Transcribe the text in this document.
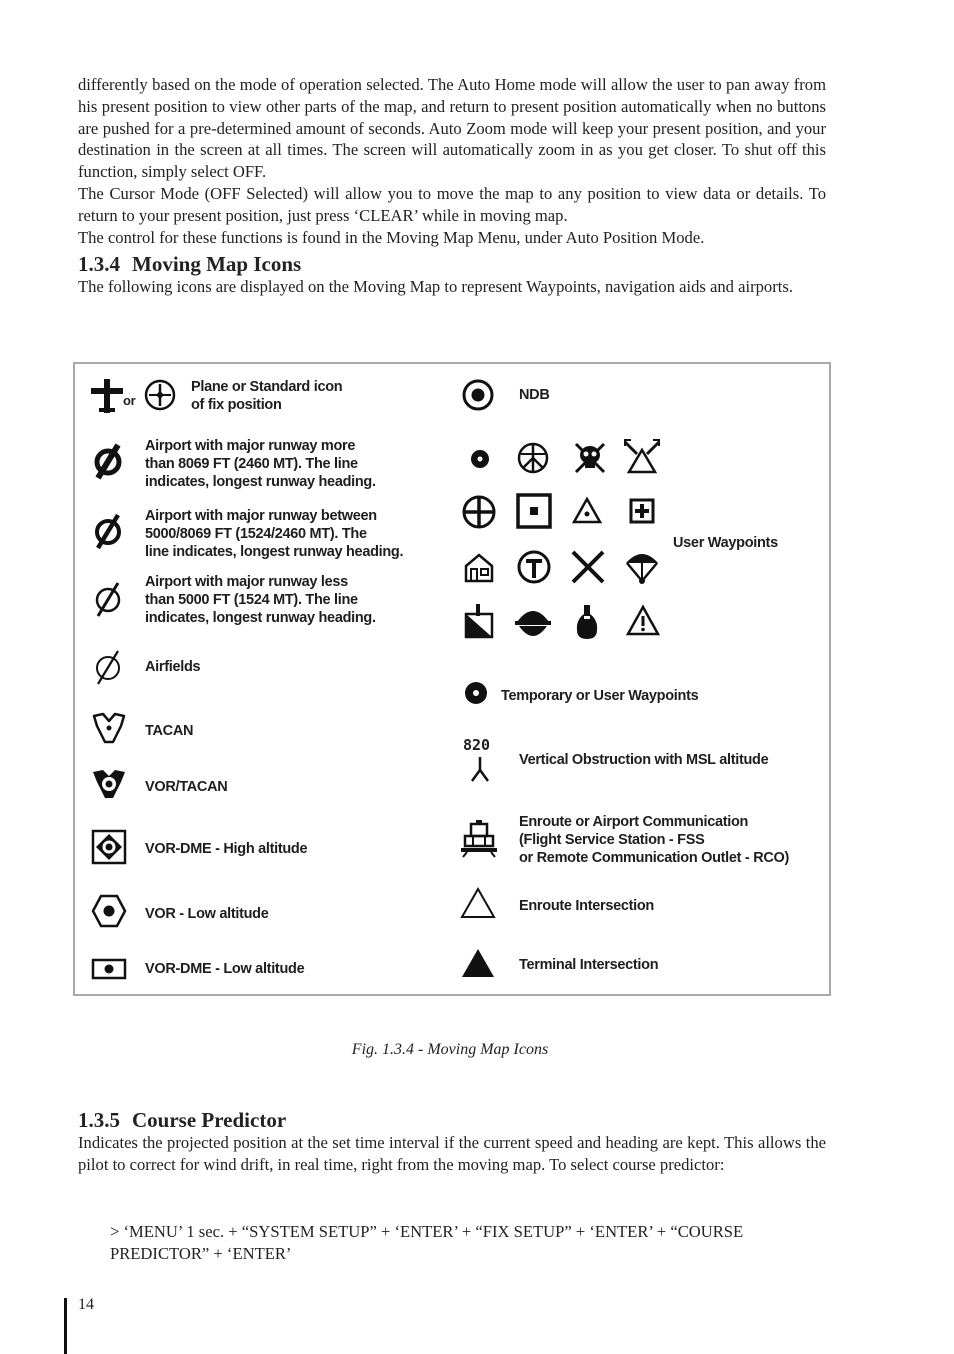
differently based on the mode of operation selected. The Auto Home mode will allow the user to pan away from his present position to view other parts of the map, and return to present position automatically when no buttons are pushed for a pre-determined amount of seconds. Auto Zoom mode will keep your present position, and your destination in the screen at all times. The screen will automatically zoom in as you get closer. To shut off this function, simply select OFF.

The Cursor Mode (OFF Selected) will allow you to move the map to any position to view data or details. To return to your present position, just press ‘CLEAR’ while in moving map.

The control for these functions is found in the Moving Map Menu, under Auto Position Mode.

1.3.4 Moving Map Icons

The following icons are displayed on the Moving Map to represent Waypoints, navigation aids and airports.

or

Plane or Standard icon
of fix position

Airport with major runway more
than 8069 FT (2460 MT). The line
indicates, longest runway heading.

Airport with major runway between
5000/8069 FT (1524/2460 MT). The
line indicates, longest runway heading.

Airport with major runway less
than 5000 FT (1524 MT). The line
indicates, longest runway heading.

Airfields

TACAN

VOR/TACAN

VOR-DME - High altitude

VOR - Low altitude

VOR-DME - Low altitude

NDB

User Waypoints

Temporary or User Waypoints

820

Vertical Obstruction with MSL altitude

Enroute or Airport Communication
(Flight Service Station - FSS
or Remote Communication Outlet - RCO)

Enroute Intersection

Terminal Intersection

Fig. 1.3.4 - Moving Map Icons

1.3.5 Course Predictor

Indicates the projected position at the set time interval if the current speed and heading are kept. This allows the pilot to correct for wind drift, in real time, right from the moving map. To select course predictor:

> ‘MENU’ 1 sec. + “SYSTEM SETUP” + ‘ENTER’ + “FIX SETUP” + ‘ENTER’ + “COURSE PREDICTOR” + ‘ENTER’

14
